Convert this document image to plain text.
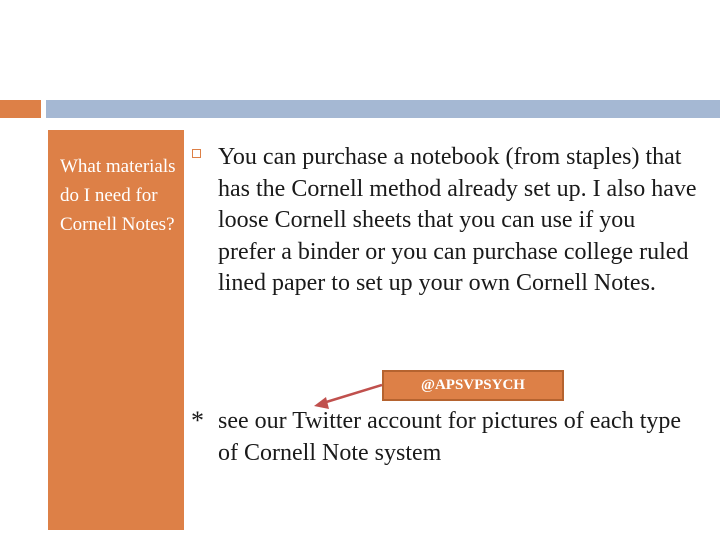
What materials do I need for Cornell Notes?
You can purchase a notebook (from staples) that has the Cornell method already set up. I also have loose Cornell sheets that you can use if you prefer a binder or you can purchase college ruled lined paper to set up your own Cornell Notes.
@APSVPSYCH
* see our Twitter account for pictures of each type of Cornell Note system
